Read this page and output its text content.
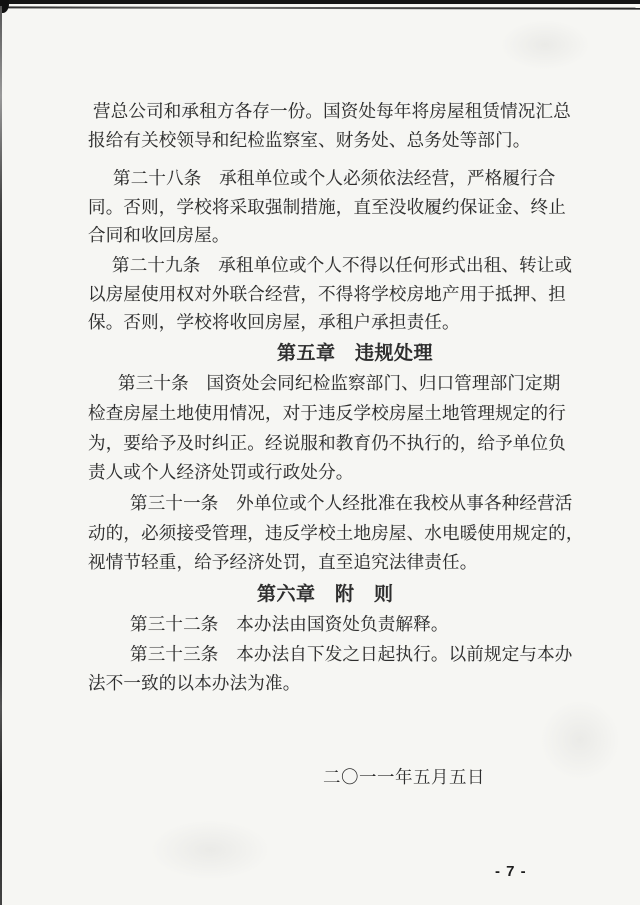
营总公司和承租方各存一份。国资处每年将房屋租赁情况汇总
报给有关校领导和纪检监察室、财务处、总务处等部门。
第二十八条　承租单位或个人必须依法经营，严格履行合
同。否则，学校将采取强制措施，直至没收履约保证金、终止
合同和收回房屋。
第二十九条　承租单位或个人不得以任何形式出租、转让或
以房屋使用权对外联合经营，不得将学校房地产用于抵押、担
保。否则，学校将收回房屋，承租户承担责任。
第五章　违规处理
第三十条　国资处会同纪检监察部门、归口管理部门定期
检查房屋土地使用情况，对于违反学校房屋土地管理规定的行
为，要给予及时纠正。经说服和教育仍不执行的，给予单位负
责人或个人经济处罚或行政处分。
第三十一条　外单位或个人经批准在我校从事各种经营活
动的，必须接受管理，违反学校土地房屋、水电暖使用规定的，
视情节轻重，给予经济处罚，直至追究法律责任。
第六章　附　则
第三十二条　本办法由国资处负责解释。
第三十三条　本办法自下发之日起执行。以前规定与本办
法不一致的以本办法为准。
二〇一一年五月五日
- 7 -
